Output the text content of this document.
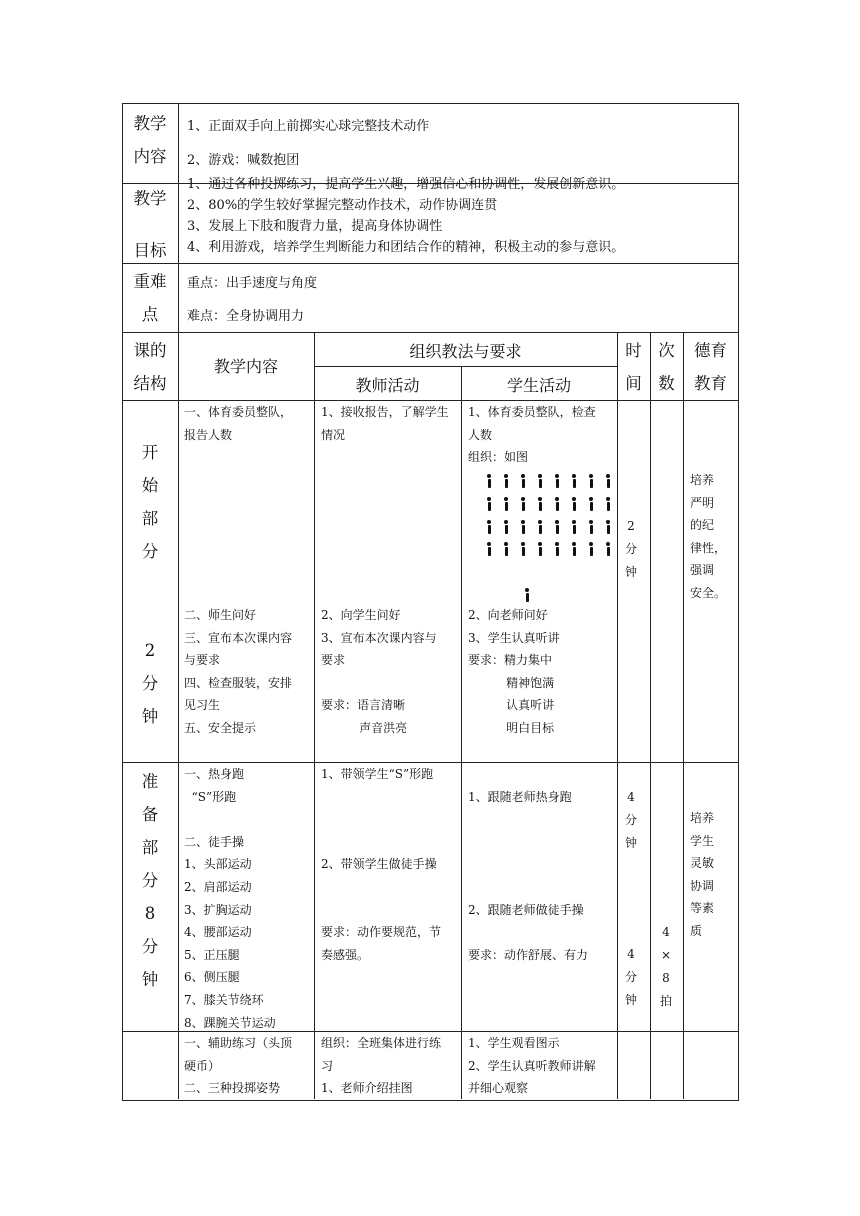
教学
内容
1、正面双手向上前掷实心球完整技术动作
2、游戏：喊数抱团
教学

目标
1、通过各种投掷练习，提高学生兴趣，增强信心和协调性，发展创新意识。
2、80%的学生较好掌握完整动作技术，动作协调连贯
3、发展上下肢和腹背力量，提高身体协调性
4、利用游戏，培养学生判断能力和团结合作的精神，积极主动的参与意识。
重难
点
重点：出手速度与角度
难点：全身协调用力
课的
结构
教学内容
组织教法与要求
教师活动	学生活动
时
间
次
数
德育
教育
开
始
部
分

2
分
钟
一、体育委员整队，
报告人数
二、师生问好
三、宣布本次课内容
与要求
四、检查服装，安排
见习生
五、安全提示
1、接收报告，了解学生
情况
2、向学生问好
3、宣布本次课内容与
要求

要求：语言清晰
声音洪亮
1、体育委员整队，检查
人数
组织：如图
2、向老师问好
3、学生认真听讲
要求：精力集中
精神饱满
认真听讲
明白目标
2
分
钟
培养
严明
的纪
律性，
强调
安全。
准
备
部
分
8
分
钟
一、热身跑
“S”形跑

二、徒手操
1、头部运动
2、肩部运动
3、扩胸运动
4、腰部运动
5、正压腿
6、侧压腿
7、膝关节绕环
8、踝腕关节运动
1、带领学生“S”形跑

2、带领学生做徒手操

要求：动作要规范，节
奏感强。

1、跟随老师热身跑

2、跟随老师做徒手操

要求：动作舒展、有力
4
分
钟
4
分
钟
4
×
8
拍
培养
学生
灵敏
协调
等素
质
一、辅助练习（头顶
硬币）
二、三种投掷姿势
组织：全班集体进行练
习
1、老师介绍挂图
1、学生观看图示
2、学生认真听教师讲解
并细心观察
